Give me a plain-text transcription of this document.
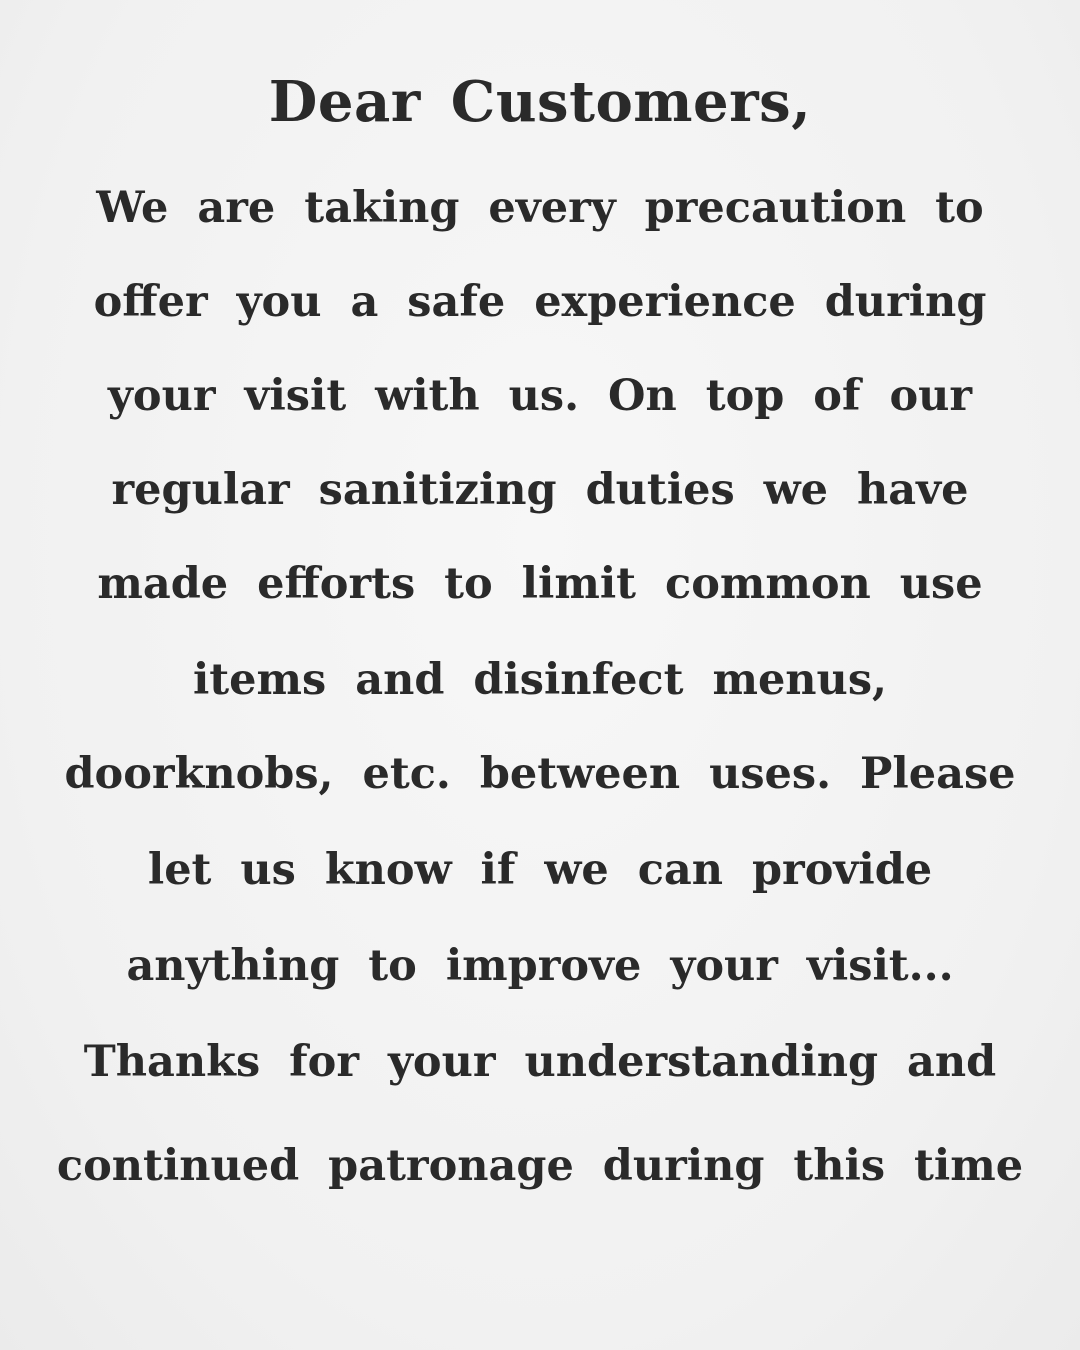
Dear Customers,
We are taking every precaution to
offer you a safe experience during
your visit with us. On top of our
regular sanitizing duties we have
made efforts to limit common use
items and disinfect menus,
doorknobs, etc. between uses. Please
let us know if we can provide
anything to improve your visit...
Thanks for your understanding and
continued patronage during this time
